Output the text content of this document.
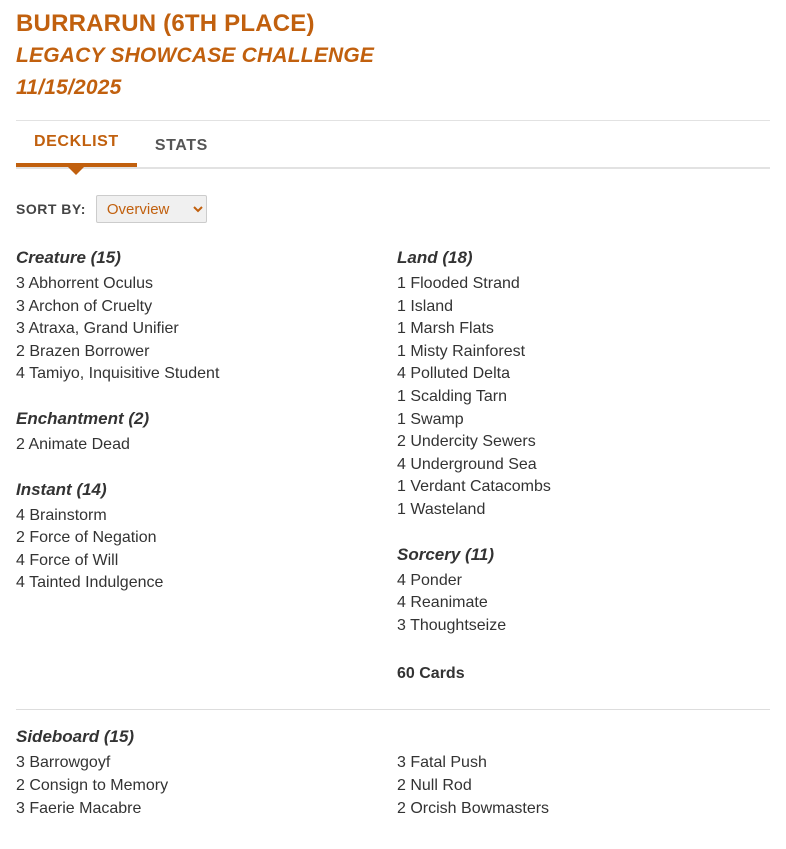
BURRARUN (6TH PLACE)
LEGACY SHOWCASE CHALLENGE
11/15/2025
DECKLIST	STATS
SORT BY:
Overview
Creature (15)
3 Abhorrent Oculus
3 Archon of Cruelty
3 Atraxa, Grand Unifier
2 Brazen Borrower
4 Tamiyo, Inquisitive Student
Enchantment (2)
2 Animate Dead
Instant (14)
4 Brainstorm
2 Force of Negation
4 Force of Will
4 Tainted Indulgence
Land (18)
1 Flooded Strand
1 Island
1 Marsh Flats
1 Misty Rainforest
4 Polluted Delta
1 Scalding Tarn
1 Swamp
2 Undercity Sewers
4 Underground Sea
1 Verdant Catacombs
1 Wasteland
Sorcery (11)
4 Ponder
4 Reanimate
3 Thoughtseize
60 Cards
Sideboard (15)
3 Barrowgoyf
2 Consign to Memory
3 Faerie Macabre
3 Fatal Push
2 Null Rod
2 Orcish Bowmasters
